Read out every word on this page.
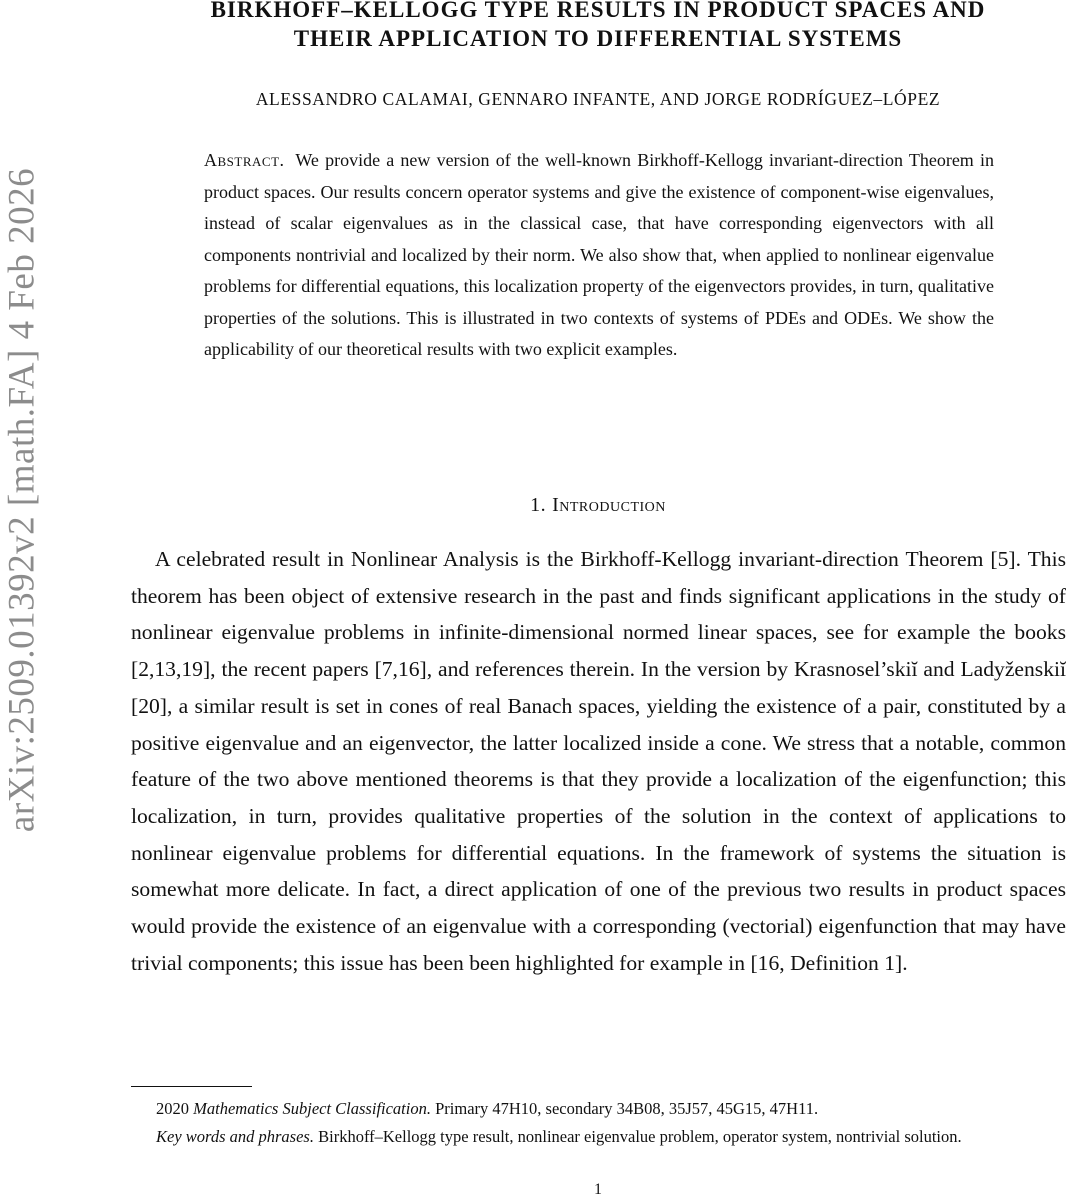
arXiv:2509.01392v2 [math.FA] 4 Feb 2026
BIRKHOFF–KELLOGG TYPE RESULTS IN PRODUCT SPACES AND
THEIR APPLICATION TO DIFFERENTIAL SYSTEMS
ALESSANDRO CALAMAI, GENNARO INFANTE, AND JORGE RODRÍGUEZ–LÓPEZ
Abstract. We provide a new version of the well-known Birkhoff-Kellogg invariant-direction Theorem in product spaces. Our results concern operator systems and give the existence of component-wise eigenvalues, instead of scalar eigenvalues as in the classical case, that have corresponding eigenvectors with all components nontrivial and localized by their norm. We also show that, when applied to nonlinear eigenvalue problems for differential equations, this localization property of the eigenvectors provides, in turn, qualitative properties of the solutions. This is illustrated in two contexts of systems of PDEs and ODEs. We show the applicability of our theoretical results with two explicit examples.
1. Introduction
A celebrated result in Nonlinear Analysis is the Birkhoff-Kellogg invariant-direction Theorem [5]. This theorem has been object of extensive research in the past and finds significant applications in the study of nonlinear eigenvalue problems in infinite-dimensional normed linear spaces, see for example the books [2,13,19], the recent papers [7,16], and references therein. In the version by Krasnosel’skiĭ and Ladyženskiĭ [20], a similar result is set in cones of real Banach spaces, yielding the existence of a pair, constituted by a positive eigenvalue and an eigenvector, the latter localized inside a cone. We stress that a notable, common feature of the two above mentioned theorems is that they provide a localization of the eigenfunction; this localization, in turn, provides qualitative properties of the solution in the context of applications to nonlinear eigenvalue problems for differential equations. In the framework of systems the situation is somewhat more delicate. In fact, a direct application of one of the previous two results in product spaces would provide the existence of an eigenvalue with a corresponding (vectorial) eigenfunction that may have trivial components; this issue has been been highlighted for example in [16, Definition 1].

2020 Mathematics Subject Classification. Primary 47H10, secondary 34B08, 35J57, 45G15, 47H11.

Key words and phrases. Birkhoff–Kellogg type result, nonlinear eigenvalue problem, operator system, nontrivial solution.

1
